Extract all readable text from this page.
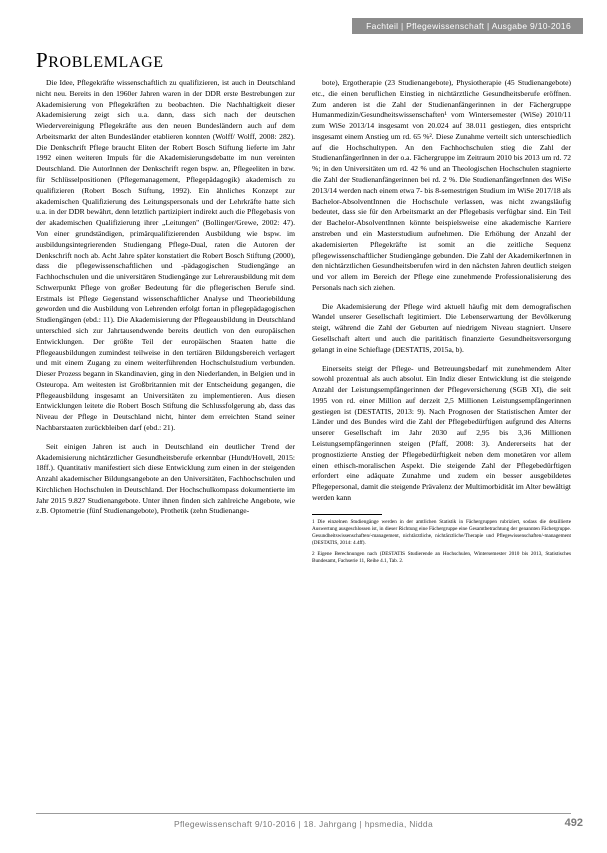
Fachteil | Pflegewissenschaft | Ausgabe 9/10-2016
PROBLEMLAGE

Die Idee, Pflegekräfte wissenschaftlich zu qualifizieren, ist auch in Deutschland nicht neu. Bereits in den 1960er Jahren waren in der DDR erste Bestrebungen zur Akademisierung von Pflegekräften zu beobachten. Die Nachhaltigkeit dieser Akademisierung zeigt sich u.a. dann, dass sich nach der deutschen Wiedervereinigung Pflegekräfte aus den neuen Bundesländern auch auf dem Arbeitsmarkt der alten Bundesländer etablieren konnten (Wolff/ Wolff, 2008: 282). Die Denkschrift Pflege braucht Eliten der Robert Bosch Stiftung lieferte im Jahr 1992 einen weiteren Impuls für die Akademisierungsdebatte im nun vereinten Deutschland. Die AutorInnen der Denkschrift regen bspw. an, Pflegeeliten in bzw. für Schlüsselpositionen (Pflegemanagement, Pflegepädagogik) akademisch zu qualifizieren (Robert Bosch Stiftung, 1992). Ein ähnliches Konzept zur akademischen Qualifizierung des Leitungspersonals und der Lehrkräfte hatte sich u.a. in der DDR bewährt, denn letztlich partizipiert indirekt auch die Pflegebasis von der akademischen Qualifizierung ihrer „Leitungen" (Bollinger/Grewe, 2002: 47). Von einer grundständigen, primärqualifizierenden Ausbildung wie bspw. im ausbildungsintegrierenden Studiengang Pflege-Dual, raten die Autoren der Denkschrift noch ab. Acht Jahre später konstatiert die Robert Bosch Stiftung (2000), dass die pflegewissenschaftlichen und -pädagogischen Studiengänge an Fachhochschulen und die universitären Studiengänge zur Lehrerausbildung mit dem Schwerpunkt Pflege von großer Bedeutung für die pflegerischen Berufe sind. Erstmals ist Pflege Gegenstand wissenschaftlicher Analyse und Theoriebildung geworden und die Ausbildung von Lehrenden erfolgt fortan in pflegepädagogischen Studiengängen (ebd.: 11). Die Akademisierung der Pflegeausbildung in Deutschland unterschied sich zur Jahrtausendwende bereits deutlich von den europäischen Entwicklungen. Der größte Teil der europäischen Staaten hatte die Pflegeausbildungen zumindest teilweise in den tertiären Bildungsbereich verlagert und mit einem Zugang zu einem weiterführenden Hochschulstudium verbunden. Dieser Prozess begann in Skandinavien, ging in den Niederlanden, in Belgien und in Osteuropa. Am weitesten ist Großbritannien mit der Entscheidung gegangen, die Pflegeausbildung insgesamt an Universitäten zu implementieren. Aus diesen Entwicklungen leitete die Robert Bosch Stiftung die Schlussfolgerung ab, dass das Niveau der Pflege in Deutschland nicht, hinter dem erreichten Stand seiner Nachbarstaaten zurückbleiben darf (ebd.: 21).

Seit einigen Jahren ist auch in Deutschland ein deutlicher Trend der Akademisierung nichtärztlicher Gesundheitsberufe erkennbar (Hundt/Hovell, 2015: 18ff.). Quantitativ manifestiert sich diese Entwicklung zum einen in der steigenden Anzahl akademischer Bildungsangebote an den Universitäten, Fachhochschulen und Kirchlichen Hochschulen in Deutschland. Der Hochschulkompass dokumentierte im Jahr 2015 9.827 Studienangebote. Unter ihnen finden sich zahlreiche Angebote, wie z.B. Optometrie (fünf Studienangebote), Prothetik (zehn Studienange-

bote), Ergotherapie (23 Studienangebote), Physiotherapie (45 Studienangebote) etc., die einen beruflichen Einstieg in nichtärztliche Gesundheitsberufe eröffnen. Zum anderen ist die Zahl der Studienanfängerinnen in der Fächergruppe Humanmedizin/Gesundheitswissenschaften¹ vom Wintersemester (WiSe) 2010/11 zum WiSe 2013/14 insgesamt von 20.024 auf 38.011 gestiegen, dies entspricht insgesamt einem Anstieg um rd. 65 %². Diese Zunahme verteilt sich unterschiedlich auf die Hochschultypen. An den Fachhochschulen stieg die Zahl der StudienanfängerInnen in der o.a. Fächergruppe im Zeitraum 2010 bis 2013 um rd. 72 %; in den Universitäten um rd. 42 % und an Theologischen Hochschulen stagnierte die Zahl der Studienanfängerinnen bei rd. 2 %. Die StudienanfängerInnen des WiSe 2013/14 werden nach einem etwa 7- bis 8-semestrigen Studium im WiSe 2017/18 als Bachelor-AbsolventInnen die Hochschule verlassen, was nicht zwangsläufig bedeutet, dass sie für den Arbeitsmarkt an der Pflegebasis verfügbar sind. Ein Teil der Bachelor-AbsolventInnen könnte beispielsweise eine akademische Karriere anstreben und ein Masterstudium aufnehmen. Die Erhöhung der Anzahl der akademisierten Pflegekräfte ist somit an die zeitliche Sequenz pflegewissenschaftlicher Studiengänge gebunden. Die Zahl der AkademikerInnen in den nichtärztlichen Gesundheitsberufen wird in den nächsten Jahren deutlich steigen und vor allem im Bereich der Pflege eine zunehmende Professionalisierung des Personals nach sich ziehen.

Die Akademisierung der Pflege wird aktuell häufig mit dem demografischen Wandel unserer Gesellschaft legitimiert. Die Lebenserwartung der Bevölkerung steigt, während die Zahl der Geburten auf niedrigem Niveau stagniert. Unsere Gesellschaft altert und auch die paritätisch finanzierte Gesundheitsversorgung gelangt in eine Schieflage (DESTATIS, 2015a, b).

Einerseits steigt der Pflege- und Betreuungsbedarf mit zunehmendem Alter sowohl prozentual als auch absolut. Ein Indiz dieser Entwicklung ist die steigende Anzahl der Leistungsempfängerinnen der Pflegeversicherung (SGB XI), die seit 1995 von rd. einer Million auf derzeit 2,5 Millionen Leistungsempfängerinnen gestiegen ist (DESTATIS, 2013: 9). Nach Prognosen der Statistischen Ämter der Länder und des Bundes wird die Zahl der Pflegebedürftigen aufgrund des Alterns unserer Gesellschaft im Jahr 2030 auf 2,95 bis 3,36 Millionen Leistungsempfängerinnen steigen (Pfaff, 2008: 3). Andererseits hat der prognostizierte Anstieg der Pflegebedürftigkeit neben dem monetären vor allem einen ethisch-moralischen Aspekt. Die steigende Zahl der Pflegebedürftigen erfordert eine adäquate Zunahme und zudem ein besser ausgebildetes Pflegepersonal, damit die steigende Prävalenz der Multimorbidität im Alter bewältigt werden kann

1 Die einzelnen Studiengänge werden in der amtlichen Statistik in Fächergruppen rubriziert, sodass die detaillierte Auswertung ausgeschlossen ist, in dieser Richtung eine Fächergruppe eine Gesamtbetrachtung der genannten Fächergruppe. Gesundheitswissenschaften/-management, nichtärztliche, nichtärztliche/Therapie und Pflegewissenschaften/-management (DESTATIS, 2014: 4.4ff).

2 Eigene Berechnungen nach (DESTATIS Studierende an Hochschulen, Wintersemester 2010 bis 2013, Statistisches Bundesamt, Fachserie 11, Reihe 4.1, Tab. 2.

Pflegewissenschaft 9/10-2016 | 18. Jahrgang | hpsmedia, Nidda	492
